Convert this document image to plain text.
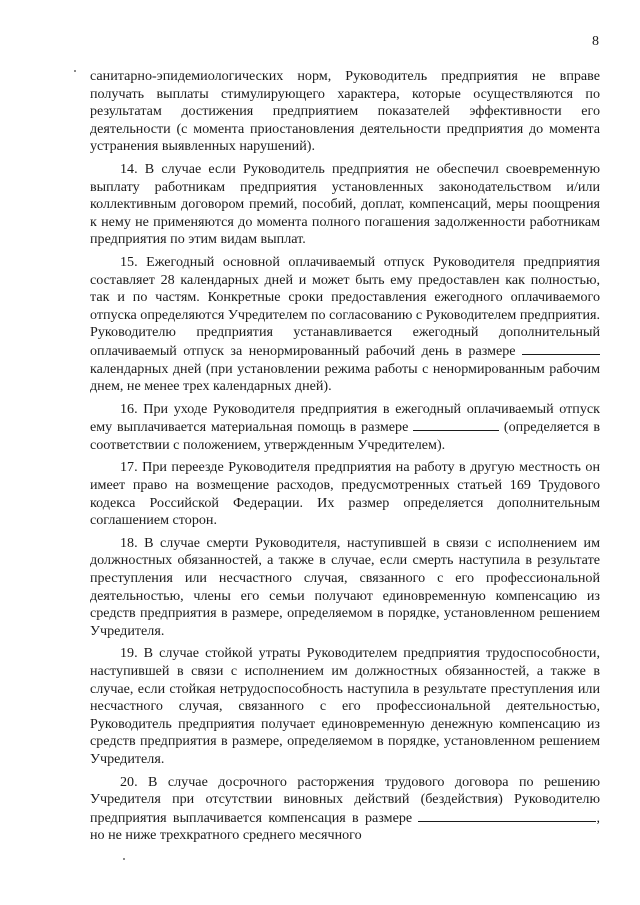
8

санитарно-эпидемиологических норм, Руководитель предприятия не вправе получать выплаты стимулирующего характера, которые осуществляются по результатам достижения предприятием показателей эффективности его деятельности (с момента приостановления деятельности предприятия до момента устранения выявленных нарушений).

14. В случае если Руководитель предприятия не обеспечил своевременную выплату работникам предприятия установленных законодательством и/или коллективным договором премий, пособий, доплат, компенсаций, меры поощрения к нему не применяются до момента полного погашения задолженности работникам предприятия по этим видам выплат.

15. Ежегодный основной оплачиваемый отпуск Руководителя предприятия составляет 28 календарных дней и может быть ему предоставлен как полностью, так и по частям. Конкретные сроки предоставления ежегодного оплачиваемого отпуска определяются Учредителем по согласованию с Руководителем предприятия. Руководителю предприятия устанавливается ежегодный дополнительный оплачиваемый отпуск за ненормированный рабочий день в размере  календарных дней (при установлении режима работы с ненормированным рабочим днем, не менее трех календарных дней).

16. При уходе Руководителя предприятия в ежегодный оплачиваемый отпуск ему выплачивается материальная помощь в размере	(определяется в соответствии с положением, утвержденным Учредителем).

17. При переезде Руководителя предприятия на работу в другую местность он имеет право на возмещение расходов, предусмотренных статьей 169 Трудового кодекса Российской Федерации. Их размер определяется дополнительным соглашением сторон.

18. В случае смерти Руководителя, наступившей в связи с исполнением им должностных обязанностей, а также в случае, если смерть наступила в результате преступления или несчастного случая, связанного с его профессиональной деятельностью, члены его семьи получают единовременную компенсацию из средств предприятия в размере, определяемом в порядке, установленном решением Учредителя.

19. В случае стойкой утраты Руководителем предприятия трудоспособности, наступившей в связи с исполнением им должностных обязанностей, а также в случае, если стойкая нетрудоспособность наступила в результате преступления или несчастного случая, связанного с его профессиональной деятельностью, Руководитель предприятия получает единовременную денежную компенсацию из средств предприятия в размере, определяемом в порядке, установленном решением Учредителя.

20. В случае досрочного расторжения трудового договора по решению Учредителя при отсутствии виновных действий (бездействия) Руководителю предприятия выплачивается компенсация в размере	, но не ниже трехкратного среднего месячного
